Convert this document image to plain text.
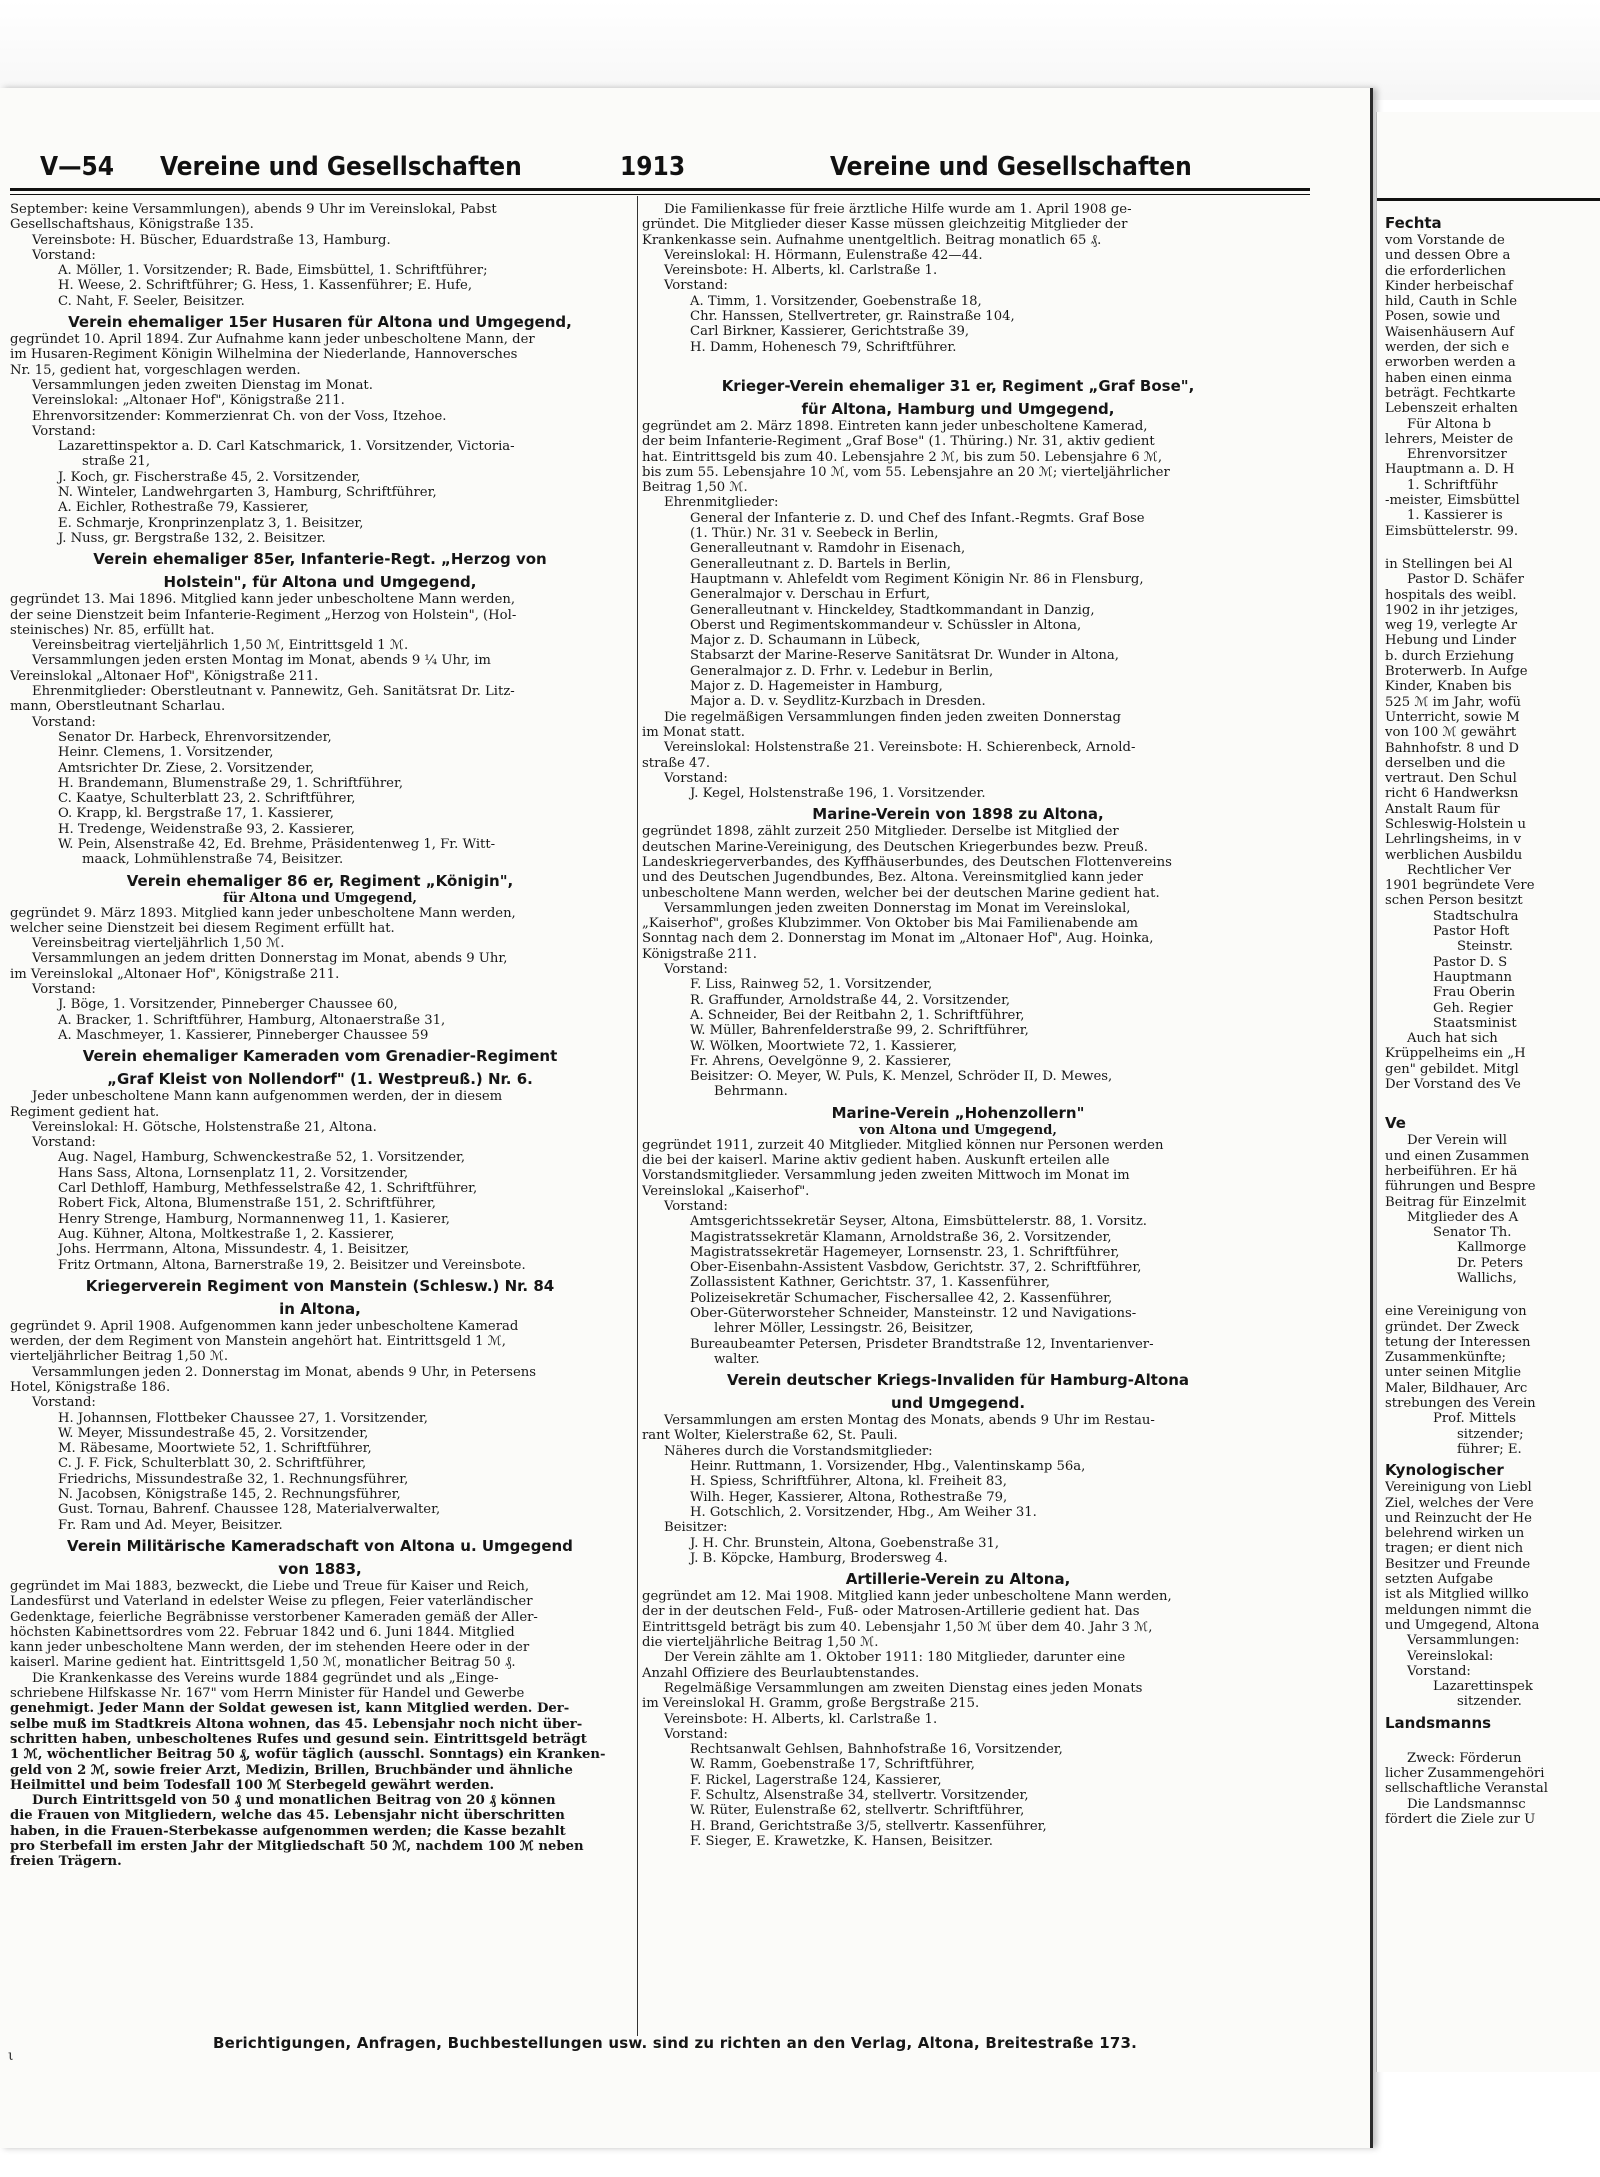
V—54 Vereine und Gesellschaften	1913	Vereine und Gesellschaften
September: keine Versammlungen), abends 9 Uhr im Vereinslokal, Pabst
Gesellschaftshaus, Königstraße 135.
Vereinsbote: H. Büscher, Eduardstraße 13, Hamburg.
Vorstand:
A. Möller, 1. Vorsitzender; R. Bade, Eimsbüttel, 1. Schriftführer;
H. Weese, 2. Schriftführer; G. Hess, 1. Kassenführer; E. Hufe,
C. Naht, F. Seeler, Beisitzer.
Verein ehemaliger 15er Husaren für Altona und Umgegend,
gegründet 10. April 1894. Zur Aufnahme kann jeder unbescholtene Mann, der
im Husaren-Regiment Königin Wilhelmina der Niederlande, Hannoversches
Nr. 15, gedient hat, vorgeschlagen werden.
Versammlungen jeden zweiten Dienstag im Monat.
Vereinslokal: „Altonaer Hof", Königstraße 211.
Ehrenvorsitzender: Kommerzienrat Ch. von der Voss, Itzehoe.
Vorstand:
Lazarettinspektor a. D. Carl Katschmarick, 1. Vorsitzender, Victoria-
straße 21,
J. Koch, gr. Fischerstraße 45, 2. Vorsitzender,
N. Winteler, Landwehrgarten 3, Hamburg, Schriftführer,
A. Eichler, Rothestraße 79, Kassierer,
E. Schmarje, Kronprinzenplatz 3, 1. Beisitzer,
J. Nuss, gr. Bergstraße 132, 2. Beisitzer.
Verein ehemaliger 85er, Infanterie-Regt. „Herzog von
Holstein", für Altona und Umgegend,
gegründet 13. Mai 1896. Mitglied kann jeder unbescholtene Mann werden,
der seine Dienstzeit beim Infanterie-Regiment „Herzog von Holstein", (Hol-
steinisches) Nr. 85, erfüllt hat.
Vereinsbeitrag vierteljährlich 1,50 ℳ, Eintrittsgeld 1 ℳ.
Versammlungen jeden ersten Montag im Monat, abends 9 ¼ Uhr, im
Vereinslokal „Altonaer Hof", Königstraße 211.
Ehrenmitglieder: Oberstleutnant v. Pannewitz, Geh. Sanitätsrat Dr. Litz-
mann, Oberstleutnant Scharlau.
Vorstand:
Senator Dr. Harbeck, Ehrenvorsitzender,
Heinr. Clemens, 1. Vorsitzender,
Amtsrichter Dr. Ziese, 2. Vorsitzender,
H. Brandemann, Blumenstraße 29, 1. Schriftführer,
C. Kaatye, Schulterblatt 23, 2. Schriftführer,
O. Krapp, kl. Bergstraße 17, 1. Kassierer,
H. Tredenge, Weidenstraße 93, 2. Kassierer,
W. Pein, Alsenstraße 42, Ed. Brehme, Präsidentenweg 1, Fr. Witt-
maack, Lohmühlenstraße 74, Beisitzer.
Verein ehemaliger 86 er, Regiment „Königin",
für Altona und Umgegend,
gegründet 9. März 1893. Mitglied kann jeder unbescholtene Mann werden,
welcher seine Dienstzeit bei diesem Regiment erfüllt hat.
Vereinsbeitrag vierteljährlich 1,50 ℳ.
Versammlungen an jedem dritten Donnerstag im Monat, abends 9 Uhr,
im Vereinslokal „Altonaer Hof", Königstraße 211.
Vorstand:
J. Böge, 1. Vorsitzender, Pinneberger Chaussee 60,
A. Bracker, 1. Schriftführer, Hamburg, Altonaerstraße 31,
A. Maschmeyer, 1. Kassierer, Pinneberger Chaussee 59
Verein ehemaliger Kameraden vom Grenadier-Regiment
„Graf Kleist von Nollendorf" (1. Westpreuß.) Nr. 6.
Jeder unbescholtene Mann kann aufgenommen werden, der in diesem
Regiment gedient hat.
Vereinslokal: H. Götsche, Holstenstraße 21, Altona.
Vorstand:
Aug. Nagel, Hamburg, Schwenckestraße 52, 1. Vorsitzender,
Hans Sass, Altona, Lornsenplatz 11, 2. Vorsitzender,
Carl Dethloff, Hamburg, Methfesselstraße 42, 1. Schriftführer,
Robert Fick, Altona, Blumenstraße 151, 2. Schriftführer,
Henry Strenge, Hamburg, Normannenweg 11, 1. Kasierer,
Aug. Kühner, Altona, Moltkestraße 1, 2. Kassierer,
Johs. Herrmann, Altona, Missundestr. 4, 1. Beisitzer,
Fritz Ortmann, Altona, Barnerstraße 19, 2. Beisitzer und Vereinsbote.
Kriegerverein Regiment von Manstein (Schlesw.) Nr. 84
in Altona,
gegründet 9. April 1908. Aufgenommen kann jeder unbescholtene Kamerad
werden, der dem Regiment von Manstein angehört hat. Eintrittsgeld 1 ℳ,
vierteljährlicher Beitrag 1,50 ℳ.
Versammlungen jeden 2. Donnerstag im Monat, abends 9 Uhr, in Petersens
Hotel, Königstraße 186.
Vorstand:
H. Johannsen, Flottbeker Chaussee 27, 1. Vorsitzender,
W. Meyer, Missundestraße 45, 2. Vorsitzender,
M. Räbesame, Moortwiete 52, 1. Schriftführer,
C. J. F. Fick, Schulterblatt 30, 2. Schriftführer,
Friedrichs, Missundestraße 32, 1. Rechnungsführer,
N. Jacobsen, Königstraße 145, 2. Rechnungsführer,
Gust. Tornau, Bahrenf. Chaussee 128, Materialverwalter,
Fr. Ram und Ad. Meyer, Beisitzer.
Verein Militärische Kameradschaft von Altona u. Umgegend
von 1883,
gegründet im Mai 1883, bezweckt, die Liebe und Treue für Kaiser und Reich,
Landesfürst und Vaterland in edelster Weise zu pflegen, Feier vaterländischer
Gedenktage, feierliche Begräbnisse verstorbener Kameraden gemäß der Aller-
höchsten Kabinettsordres vom 22. Februar 1842 und 6. Juni 1844. Mitglied
kann jeder unbescholtene Mann werden, der im stehenden Heere oder in der
kaiserl. Marine gedient hat. Eintrittsgeld 1,50 ℳ, monatlicher Beitrag 50 ₰.
Die Krankenkasse des Vereins wurde 1884 gegründet und als „Einge-
schriebene Hilfskasse Nr. 167" vom Herrn Minister für Handel und Gewerbe
genehmigt. Jeder Mann der Soldat gewesen ist, kann Mitglied werden. Der-
selbe muß im Stadtkreis Altona wohnen, das 45. Lebensjahr noch nicht über-
schritten haben, unbescholtenes Rufes und gesund sein. Eintrittsgeld beträgt
1 ℳ, wöchentlicher Beitrag 50 ₰, wofür täglich (ausschl. Sonntags) ein Kranken-
geld von 2 ℳ, sowie freier Arzt, Medizin, Brillen, Bruchbänder und ähnliche
Heilmittel und beim Todesfall 100 ℳ Sterbegeld gewährt werden.
Durch Eintrittsgeld von 50 ₰ und monatlichen Beitrag von 20 ₰ können
die Frauen von Mitgliedern, welche das 45. Lebensjahr nicht überschritten
haben, in die Frauen-Sterbekasse aufgenommen werden; die Kasse bezahlt
pro Sterbefall im ersten Jahr der Mitgliedschaft 50 ℳ, nachdem 100 ℳ neben
freien Trägern.
Die Familienkasse für freie ärztliche Hilfe wurde am 1. April 1908 ge-
gründet. Die Mitglieder dieser Kasse müssen gleichzeitig Mitglieder der
Krankenkasse sein. Aufnahme unentgeltlich. Beitrag monatlich 65 ₰.
Vereinslokal: H. Hörmann, Eulenstraße 42—44.
Vereinsbote: H. Alberts, kl. Carlstraße 1.
Vorstand:
A. Timm, 1. Vorsitzender, Goebenstraße 18,
Chr. Hanssen, Stellvertreter, gr. Rainstraße 104,
Carl Birkner, Kassierer, Gerichtstraße 39,
H. Damm, Hohenesch 79, Schriftführer.
Krieger-Verein ehemaliger 31 er, Regiment „Graf Bose",
für Altona, Hamburg und Umgegend,
gegründet am 2. März 1898. Eintreten kann jeder unbescholtene Kamerad,
der beim Infanterie-Regiment „Graf Bose" (1. Thüring.) Nr. 31, aktiv gedient
hat. Eintrittsgeld bis zum 40. Lebensjahre 2 ℳ, bis zum 50. Lebensjahre 6 ℳ,
bis zum 55. Lebensjahre 10 ℳ, vom 55. Lebensjahre an 20 ℳ; vierteljährlicher
Beitrag 1,50 ℳ.
Ehrenmitglieder:
General der Infanterie z. D. und Chef des Infant.-Regmts. Graf Bose
(1. Thür.) Nr. 31 v. Seebeck in Berlin,
Generalleutnant v. Ramdohr in Eisenach,
Generalleutnant z. D. Bartels in Berlin,
Hauptmann v. Ahlefeldt vom Regiment Königin Nr. 86 in Flensburg,
Generalmajor v. Derschau in Erfurt,
Generalleutnant v. Hinckeldey, Stadtkommandant in Danzig,
Oberst und Regimentskommandeur v. Schüssler in Altona,
Major z. D. Schaumann in Lübeck,
Stabsarzt der Marine-Reserve Sanitätsrat Dr. Wunder in Altona,
Generalmajor z. D. Frhr. v. Ledebur in Berlin,
Major z. D. Hagemeister in Hamburg,
Major a. D. v. Seydlitz-Kurzbach in Dresden.
Die regelmäßigen Versammlungen finden jeden zweiten Donnerstag
im Monat statt.
Vereinslokal: Holstenstraße 21. Vereinsbote: H. Schierenbeck, Arnold-
straße 47.
Vorstand:
J. Kegel, Holstenstraße 196, 1. Vorsitzender.
Marine-Verein von 1898 zu Altona,
gegründet 1898, zählt zurzeit 250 Mitglieder. Derselbe ist Mitglied der
deutschen Marine-Vereinigung, des Deutschen Kriegerbundes bezw. Preuß.
Landeskriegerverbandes, des Kyffhäuserbundes, des Deutschen Flottenvereins
und des Deutschen Jugendbundes, Bez. Altona. Vereinsmitglied kann jeder
unbescholtene Mann werden, welcher bei der deutschen Marine gedient hat.
Versammlungen jeden zweiten Donnerstag im Monat im Vereinslokal,
„Kaiserhof", großes Klubzimmer. Von Oktober bis Mai Familienabende am
Sonntag nach dem 2. Donnerstag im Monat im „Altonaer Hof", Aug. Hoinka,
Königstraße 211.
Vorstand:
F. Liss, Rainweg 52, 1. Vorsitzender,
R. Graffunder, Arnoldstraße 44, 2. Vorsitzender,
A. Schneider, Bei der Reitbahn 2, 1. Schriftführer,
W. Müller, Bahrenfelderstraße 99, 2. Schriftführer,
W. Wölken, Moortwiete 72, 1. Kassierer,
Fr. Ahrens, Oevelgönne 9, 2. Kassierer,
Beisitzer: O. Meyer, W. Puls, K. Menzel, Schröder II, D. Mewes,
Behrmann.
Marine-Verein „Hohenzollern"
von Altona und Umgegend,
gegründet 1911, zurzeit 40 Mitglieder. Mitglied können nur Personen werden
die bei der kaiserl. Marine aktiv gedient haben. Auskunft erteilen alle
Vorstandsmitglieder. Versammlung jeden zweiten Mittwoch im Monat im
Vereinslokal „Kaiserhof".
Vorstand:
Amtsgerichtssekretär Seyser, Altona, Eimsbüttelerstr. 88, 1. Vorsitz.
Magistratssekretär Klamann, Arnoldstraße 36, 2. Vorsitzender,
Magistratssekretär Hagemeyer, Lornsenstr. 23, 1. Schriftführer,
Ober-Eisenbahn-Assistent Vasbdow, Gerichtstr. 37, 2. Schriftführer,
Zollassistent Kathner, Gerichtstr. 37, 1. Kassenführer,
Polizeisekretär Schumacher, Fischersallee 42, 2. Kassenführer,
Ober-Güterworsteher Schneider, Mansteinstr. 12 und Navigations-
lehrer Möller, Lessingstr. 26, Beisitzer,
Bureaubeamter Petersen, Prisdeter Brandtstraße 12, Inventarienver-
walter.
Verein deutscher Kriegs-Invaliden für Hamburg-Altona
und Umgegend.
Versammlungen am ersten Montag des Monats, abends 9 Uhr im Restau-
rant Wolter, Kielerstraße 62, St. Pauli.
Näheres durch die Vorstandsmitglieder:
Heinr. Ruttmann, 1. Vorsizender, Hbg., Valentinskamp 56a,
H. Spiess, Schriftführer, Altona, kl. Freiheit 83,
Wilh. Heger, Kassierer, Altona, Rothestraße 79,
H. Gotschlich, 2. Vorsitzender, Hbg., Am Weiher 31.
Beisitzer:
J. H. Chr. Brunstein, Altona, Goebenstraße 31,
J. B. Köpcke, Hamburg, Brodersweg 4.
Artillerie-Verein zu Altona,
gegründet am 12. Mai 1908. Mitglied kann jeder unbescholtene Mann werden,
der in der deutschen Feld-, Fuß- oder Matrosen-Artillerie gedient hat. Das
Eintrittsgeld beträgt bis zum 40. Lebensjahr 1,50 ℳ über dem 40. Jahr 3 ℳ,
die vierteljährliche Beitrag 1,50 ℳ.
Der Verein zählte am 1. Oktober 1911: 180 Mitglieder, darunter eine
Anzahl Offiziere des Beurlaubtenstandes.
Regelmäßige Versammlungen am zweiten Dienstag eines jeden Monats
im Vereinslokal H. Gramm, große Bergstraße 215.
Vereinsbote: H. Alberts, kl. Carlstraße 1.
Vorstand:
Rechtsanwalt Gehlsen, Bahnhofstraße 16, Vorsitzender,
W. Ramm, Goebenstraße 17, Schriftführer,
F. Rickel, Lagerstraße 124, Kassierer,
F. Schultz, Alsenstraße 34, stellvertr. Vorsitzender,
W. Rüter, Eulenstraße 62, stellvertr. Schriftführer,
H. Brand, Gerichtstraße 3/5, stellvertr. Kassenführer,
F. Sieger, E. Krawetzke, K. Hansen, Beisitzer.
Berichtigungen, Anfragen, Buchbestellungen usw. sind zu richten an den Verlag, Altona, Breitestraße 173.
Fechta
vom Vorstande de
und dessen Obre a
die erforderlichen
Kinder herbeischaf
hild, Cauth in Schle
Posen, sowie und
Waisenhäusern Auf
werden, der sich e
erworben werden a
haben einen einma
beträgt. Fechtkarte
Lebenszeit erhalten
Für Altona b
lehrers, Meister de
Ehrenvorsitzer
Hauptmann a. D. H
1. Schriftführ
-meister, Eimsbüttel
1. Kassierer is
Eimsbüttelerstr. 99.
in Stellingen bei Al
Pastor D. Schäfer
hospitals des weibl.
1902 in ihr jetziges,
weg 19, verlegte Ar
Hebung und Linder
b. durch Erziehung
Broterwerb. In Aufge
Kinder, Knaben bis
525 ℳ im Jahr, wofü
Unterricht, sowie M
von 100 ℳ gewährt
Bahnhofstr. 8 und D
derselben und die
vertraut. Den Schul
richt 6 Handwerksn
Anstalt Raum für
Schleswig-Holstein u
Lehrlingsheims, in v
werblichen Ausbildu
Rechtlicher Ver
1901 begründete Vere
schen Person besitzt
Stadtschulra
Pastor Hoft
Steinstr.
Pastor D. S
Hauptmann
Frau Oberin
Geh. Regier
Staatsminist
Auch hat sich
Krüppelheims ein „H
gen" gebildet. Mitgl
Der Vorstand des Ve
Ve
Der Verein will
und einen Zusammen
herbeiführen. Er hä
führungen und Bespre
Beitrag für Einzelmit
Mitglieder des A
Senator Th.
Kallmorge
Dr. Peters
Wallichs,
eine Vereinigung von
gründet. Der Zweck
tetung der Interessen
Zusammenkünfte;
unter seinen Mitglie
Maler, Bildhauer, Arc
strebungen des Verein
Prof. Mittels
sitzender;
führer; E.
Kynologischer
Vereinigung von Liebl
Ziel, welches der Vere
und Reinzucht der He
belehrend wirken un
tragen; er dient nich
Besitzer und Freunde
setzten Aufgabe
ist als Mitglied willko
meldungen nimmt die
und Umgegend, Altona
Versammlungen:
Vereinslokal:
Vorstand:
Lazarettinspek
sitzender.
Landsmanns
Zweck: Förderun
licher Zusammengehöri
sellschaftliche Veranstal
Die Landsmannsc
fördert die Ziele zur U
ι
